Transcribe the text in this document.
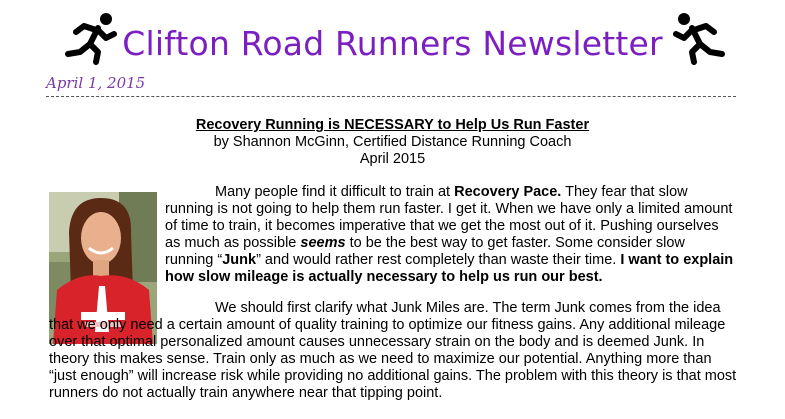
Clifton Road Runners Newsletter
April 1, 2015
Recovery Running is NECESSARY to Help Us Run Faster
by Shannon McGinn, Certified Distance Running Coach
April 2015
Many people find it difficult to train at Recovery Pace. They fear that slow running is not going to help them run faster. I get it. When we have only a limited amount of time to train, it becomes imperative that we get the most out of it. Pushing ourselves as much as possible seems to be the best way to get faster. Some consider slow running “Junk” and would rather rest completely than waste their time. I want to explain how slow mileage is actually necessary to help us run our best.
We should first clarify what Junk Miles are. The term Junk comes from the idea that we only need a certain amount of quality training to optimize our fitness gains. Any additional mileage over that optimal personalized amount causes unnecessary strain on the body and is deemed Junk. In theory this makes sense. Train only as much as we need to maximize our potential. Anything more than “just enough” will increase risk while providing no additional gains. The problem with this theory is that most runners do not actually train anywhere near that tipping point.
